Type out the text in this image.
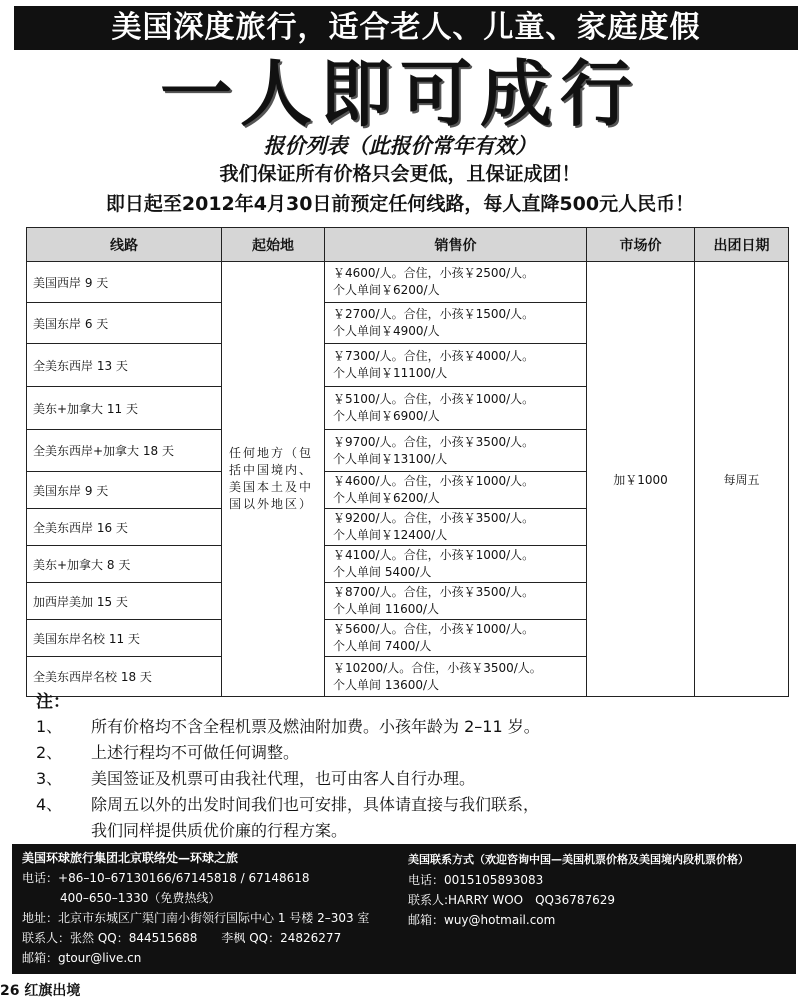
美国深度旅行，适合老人、儿童、家庭度假
一人即可成行
报价列表（此报价常年有效）
我们保证所有价格只会更低，且保证成团！
即日起至2012年4月30日前预定任何线路，每人直降500元人民币！
线路	起始地	销售价	市场价	出团日期
美国西岸 9 天	任何地方（包括中国境内、美国本土及中国以外地区）	￥4600/人。合住，小孩￥2500/人。
个人单间￥6200/人	加￥1000	每周五
美国东岸 6 天		￥2700/人。合住，小孩￥1500/人。
个人单间￥4900/人		

全美东西岸 13 天		￥7300/人。合住，小孩￥4000/人。
个人单间￥11100/人		

美东+加拿大 11 天		￥5100/人。合住，小孩￥1000/人。
个人单间￥6900/人		

全美东西岸+加拿大 18 天		￥9700/人。合住，小孩￥3500/人。
个人单间￥13100/人		

美国东岸 9 天		￥4600/人。合住，小孩￥1000/人。
个人单间￥6200/人		

全美东西岸 16 天		￥9200/人。合住，小孩￥3500/人。
个人单间￥12400/人		

美东+加拿大 8 天		￥4100/人。合住，小孩￥1000/人。
个人单间 5400/人		

加西岸美加 15 天		￥8700/人。合住，小孩￥3500/人。
个人单间 11600/人		

美国东岸名校 11 天		￥5600/人。合住，小孩￥1000/人。
个人单间 7400/人		

全美东西岸名校 18 天		￥10200/人。合住，小孩￥3500/人。
个人单间 13600/人		
注：
1、	所有价格均不含全程机票及燃油附加费。小孩年龄为 2–11 岁。
2、	上述行程均不可做任何调整。
3、	美国签证及机票可由我社代理，也可由客人自行办理。
4、	除周五以外的出发时间我们也可安排，具体请直接与我们联系，
我们同样提供质优价廉的行程方案。
美国环球旅行集团北京联络处—环球之旅
电话：+86–10–67130166/67145818 / 67148618
400–650–1330（免费热线）
地址：北京市东城区广渠门南小街领行国际中心 1 号楼 2–303 室
联系人：张然 QQ：844515688　　李枫 QQ：24826277
邮箱：gtour@live.cn
美国联系方式（欢迎咨询中国—美国机票价格及美国境内段机票价格）
电话：0015105893083
联系人:HARRY WOO　QQ36787629
邮箱：wuy@hotmail.com
26 红旗出境
